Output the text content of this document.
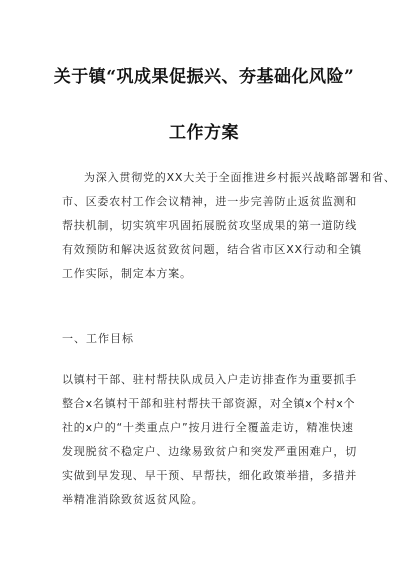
关于镇“巩成果促振兴、夯基础化风险”
工作方案
为深入贯彻党的XX大关于全面推进乡村振兴战略部署和省、
市、区委农村工作会议精神，进一步完善防止返贫监测和
帮扶机制，切实筑牢巩固拓展脱贫攻坚成果的第一道防线
有效预防和解决返贫致贫问题，结合省市区XX行动和全镇
工作实际，制定本方案。
一、工作目标
以镇村干部、驻村帮扶队成员入户走访排查作为重要抓手
整合x名镇村干部和驻村帮扶干部资源，对全镇x个村x个
社的x户的“十类重点户”按月进行全覆盖走访，精准快速
发现脱贫不稳定户、边缘易致贫户和突发严重困难户，切
实做到早发现、早干预、早帮扶，细化政策举措，多措并
举精准消除致贫返贫风险。
